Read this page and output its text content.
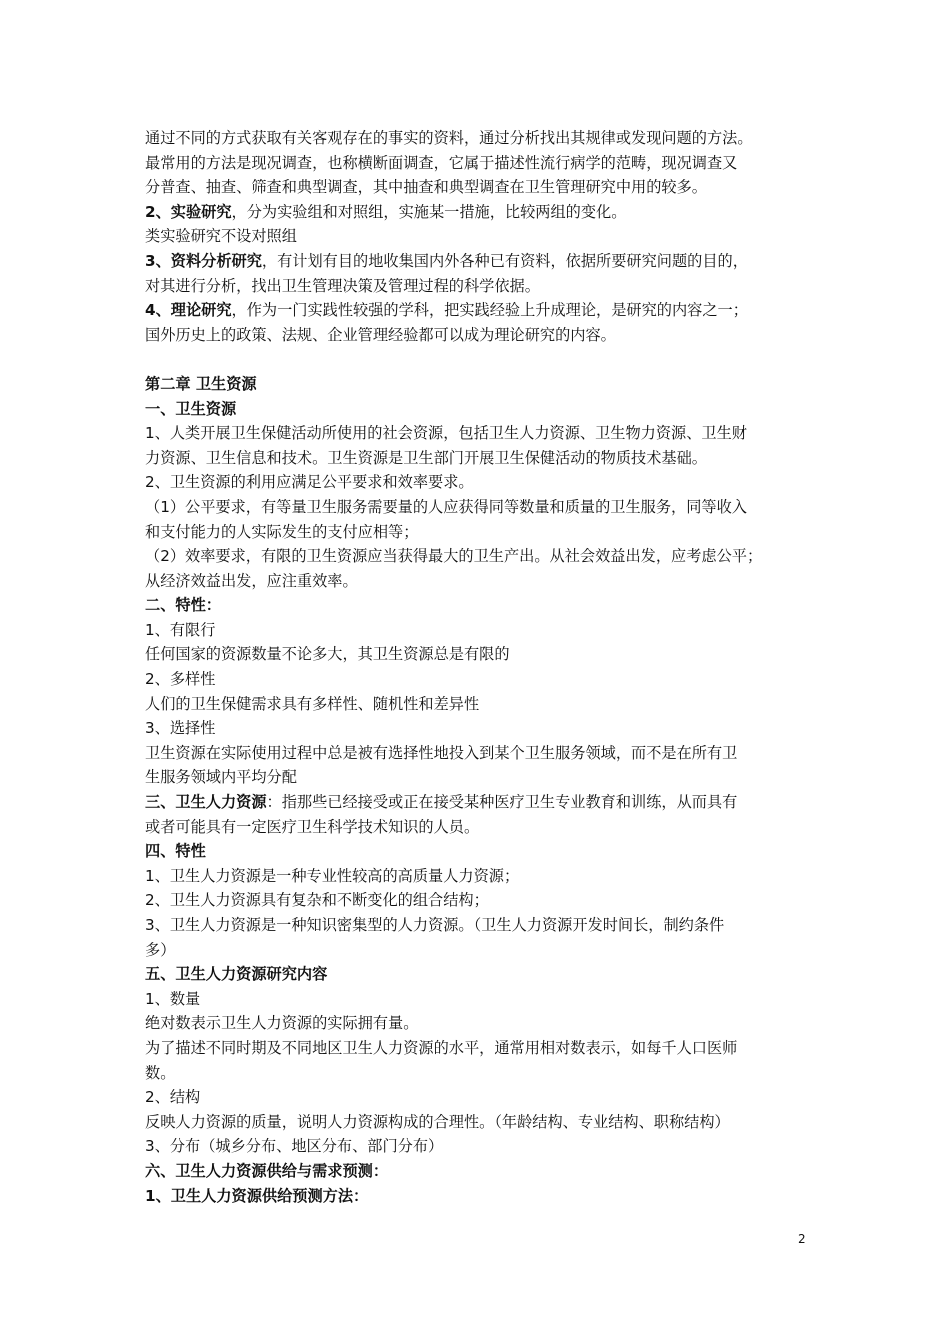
通过不同的方式获取有关客观存在的事实的资料，通过分析找出其规律或发现问题的方法。
最常用的方法是现况调查，也称横断面调查，它属于描述性流行病学的范畴，现况调查又
分普查、抽查、筛查和典型调查，其中抽查和典型调查在卫生管理研究中用的较多。
2、实验研究，分为实验组和对照组，实施某一措施，比较两组的变化。
类实验研究不设对照组
3、资料分析研究，有计划有目的地收集国内外各种已有资料，依据所要研究问题的目的，
对其进行分析，找出卫生管理决策及管理过程的科学依据。
4、理论研究，作为一门实践性较强的学科，把实践经验上升成理论，是研究的内容之一；
国外历史上的政策、法规、企业管理经验都可以成为理论研究的内容。
第二章 卫生资源
一、卫生资源
1、人类开展卫生保健活动所使用的社会资源，包括卫生人力资源、卫生物力资源、卫生财
力资源、卫生信息和技术。卫生资源是卫生部门开展卫生保健活动的物质技术基础。
2、卫生资源的利用应满足公平要求和效率要求。
（1）公平要求，有等量卫生服务需要量的人应获得同等数量和质量的卫生服务，同等收入
和支付能力的人实际发生的支付应相等；
（2）效率要求，有限的卫生资源应当获得最大的卫生产出。从社会效益出发，应考虑公平；
从经济效益出发，应注重效率。
二、特性：
1、有限行
任何国家的资源数量不论多大，其卫生资源总是有限的
2、多样性
人们的卫生保健需求具有多样性、随机性和差异性
3、选择性
卫生资源在实际使用过程中总是被有选择性地投入到某个卫生服务领域，而不是在所有卫
生服务领域内平均分配
三、卫生人力资源：指那些已经接受或正在接受某种医疗卫生专业教育和训练，从而具有
或者可能具有一定医疗卫生科学技术知识的人员。
四、特性
1、卫生人力资源是一种专业性较高的高质量人力资源；
2、卫生人力资源具有复杂和不断变化的组合结构；
3、卫生人力资源是一种知识密集型的人力资源。（卫生人力资源开发时间长，制约条件
多）
五、卫生人力资源研究内容
1、数量
绝对数表示卫生人力资源的实际拥有量。
为了描述不同时期及不同地区卫生人力资源的水平，通常用相对数表示，如每千人口医师
数。
2、结构
反映人力资源的质量，说明人力资源构成的合理性。（年龄结构、专业结构、职称结构）
3、分布（城乡分布、地区分布、部门分布）
六、卫生人力资源供给与需求预测：
1、卫生人力资源供给预测方法：
2
